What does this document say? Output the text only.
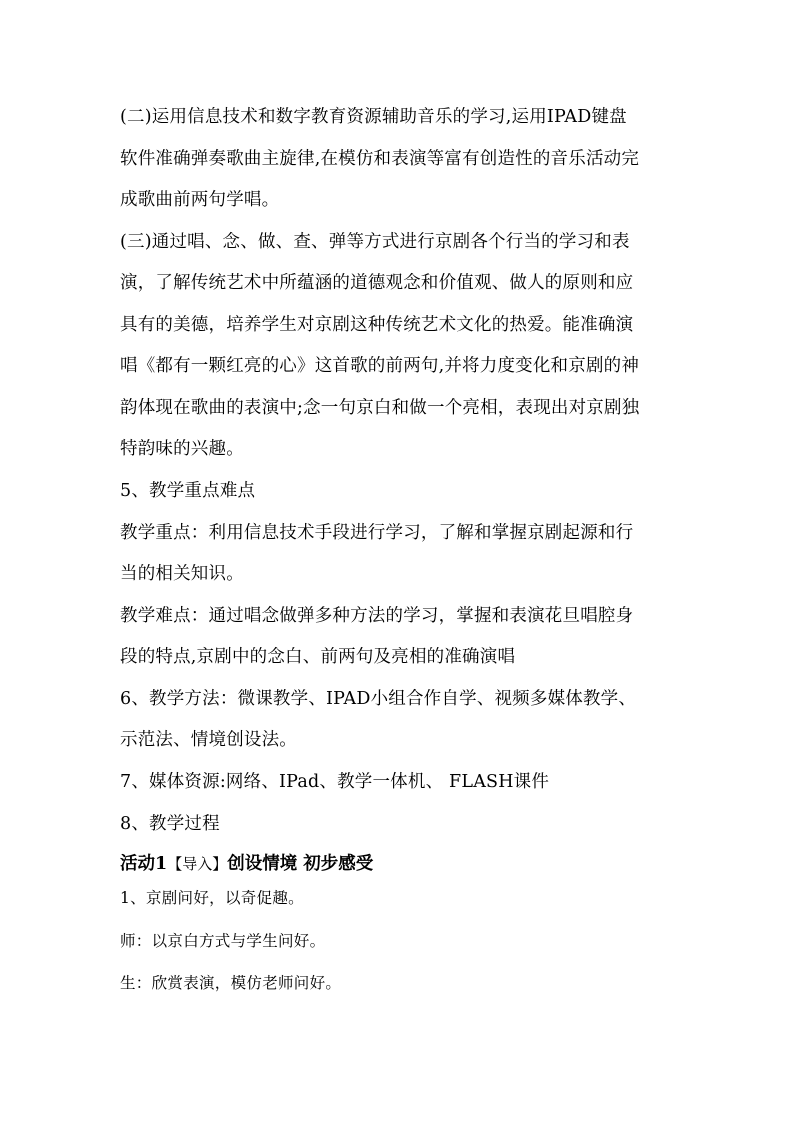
(二)运用信息技术和数字教育资源辅助音乐的学习,运用IPAD键盘
软件准确弹奏歌曲主旋律,在模仿和表演等富有创造性的音乐活动完
成歌曲前两句学唱。
(三)通过唱、念、做、查、弹等方式进行京剧各个行当的学习和表
演，了解传统艺术中所蕴涵的道德观念和价值观、做人的原则和应
具有的美德，培养学生对京剧这种传统艺术文化的热爱。能准确演
唱《都有一颗红亮的心》这首歌的前两句,并将力度变化和京剧的神
韵体现在歌曲的表演中;念一句京白和做一个亮相，表现出对京剧独
特韵味的兴趣。
5、教学重点难点
教学重点：利用信息技术手段进行学习，了解和掌握京剧起源和行
当的相关知识。
教学难点：通过唱念做弹多种方法的学习，掌握和表演花旦唱腔身
段的特点,京剧中的念白、前两句及亮相的准确演唱
6、教学方法：微课教学、IPAD小组合作自学、视频多媒体教学、
示范法、情境创设法。
7、媒体资源:网络、IPad、教学一体机、 FLASH课件
8、教学过程
活动1【导入】创设情境 初步感受
1、京剧问好，以奇促趣。
师：以京白方式与学生问好。
生：欣赏表演，模仿老师问好。
